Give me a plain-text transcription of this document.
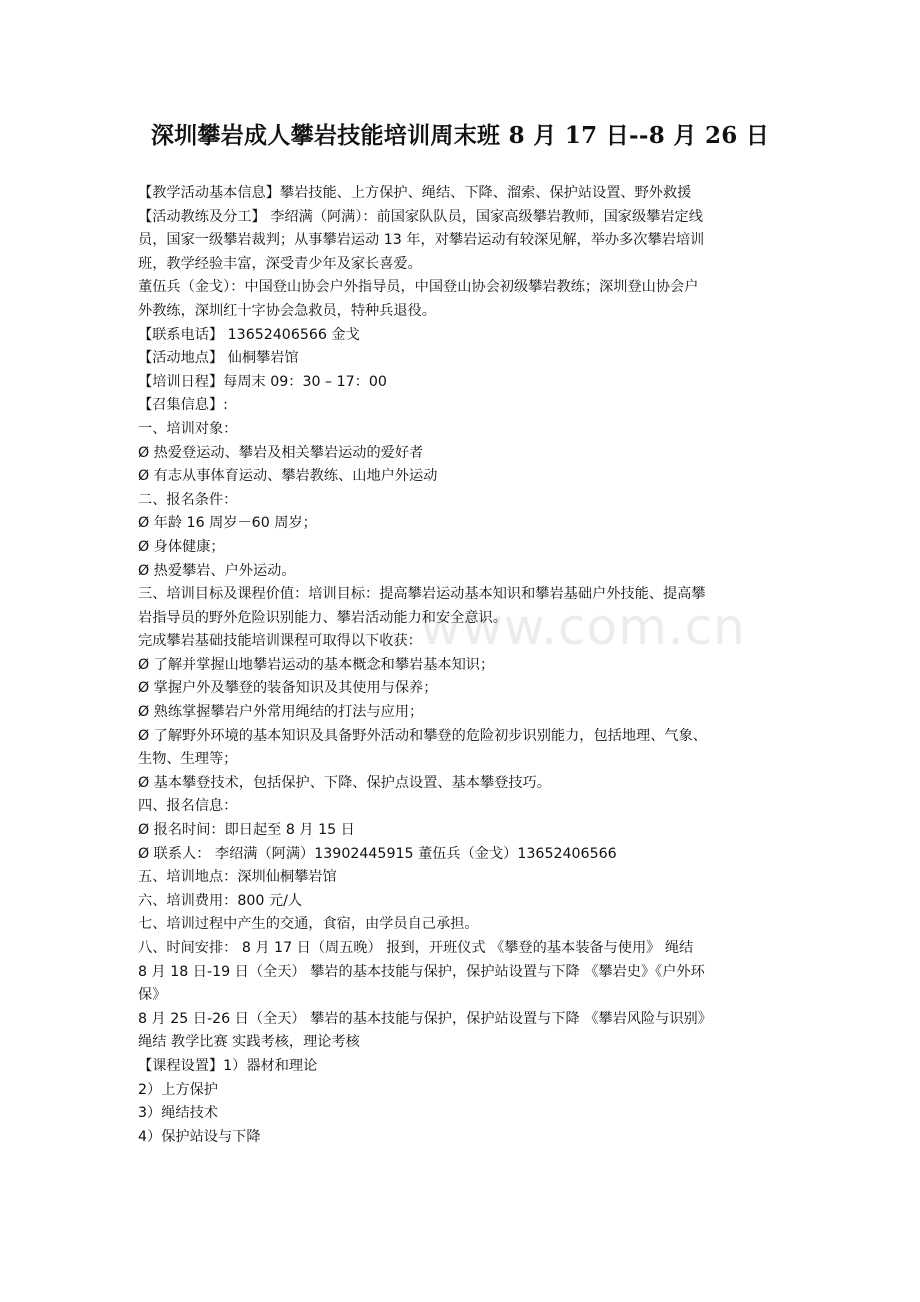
www.com.cn
深圳攀岩成人攀岩技能培训周末班 8 月 17 日--8 月 26 日
【教学活动基本信息】攀岩技能、上方保护、绳结、下降、溜索、保护站设置、野外救援
【活动教练及分工】 李绍满（阿满）：前国家队队员，国家高级攀岩教师，国家级攀岩定线
员，国家一级攀岩裁判；从事攀岩运动 13 年，对攀岩运动有较深见解，举办多次攀岩培训
班，教学经验丰富，深受青少年及家长喜爱。
董伍兵（金戈）：中国登山协会户外指导员，中国登山协会初级攀岩教练；深圳登山协会户
外教练，深圳红十字协会急救员，特种兵退役。
【联系电话】 13652406566 金戈
【活动地点】 仙桐攀岩馆
【培训日程】每周末 09：30 – 17：00
【召集信息】:
一、培训对象：
Ø 热爱登运动、攀岩及相关攀岩运动的爱好者
Ø 有志从事体育运动、攀岩教练、山地户外运动
二、报名条件：
Ø 年龄 16 周岁－60 周岁；
Ø 身体健康；
Ø 热爱攀岩、户外运动。
三、培训目标及课程价值：培训目标：提高攀岩运动基本知识和攀岩基础户外技能、提高攀
岩指导员的野外危险识别能力、攀岩活动能力和安全意识。
完成攀岩基础技能培训课程可取得以下收获：
Ø 了解并掌握山地攀岩运动的基本概念和攀岩基本知识；
Ø 掌握户外及攀登的装备知识及其使用与保养；
Ø 熟练掌握攀岩户外常用绳结的打法与应用；
Ø 了解野外环境的基本知识及具备野外活动和攀登的危险初步识别能力，包括地理、气象、
生物、生理等；
Ø 基本攀登技术，包括保护、下降、保护点设置、基本攀登技巧。
四、报名信息：
Ø 报名时间：即日起至 8 月 15 日
Ø 联系人： 李绍满（阿满）13902445915 董伍兵（金戈）13652406566
五、培训地点：深圳仙桐攀岩馆
六、培训费用：800 元/人
七、培训过程中产生的交通，食宿，由学员自己承担。
八、时间安排： 8 月 17 日（周五晚） 报到，开班仪式 《攀登的基本装备与使用》 绳结
8 月 18 日-19 日（全天） 攀岩的基本技能与保护，保护站设置与下降 《攀岩史》《户外环
保》
8 月 25 日-26 日（全天） 攀岩的基本技能与保护，保护站设置与下降 《攀岩风险与识别》
绳结 教学比赛 实践考核，理论考核
【课程设置】1）器材和理论
2）上方保护
3）绳结技术
4）保护站设与下降
